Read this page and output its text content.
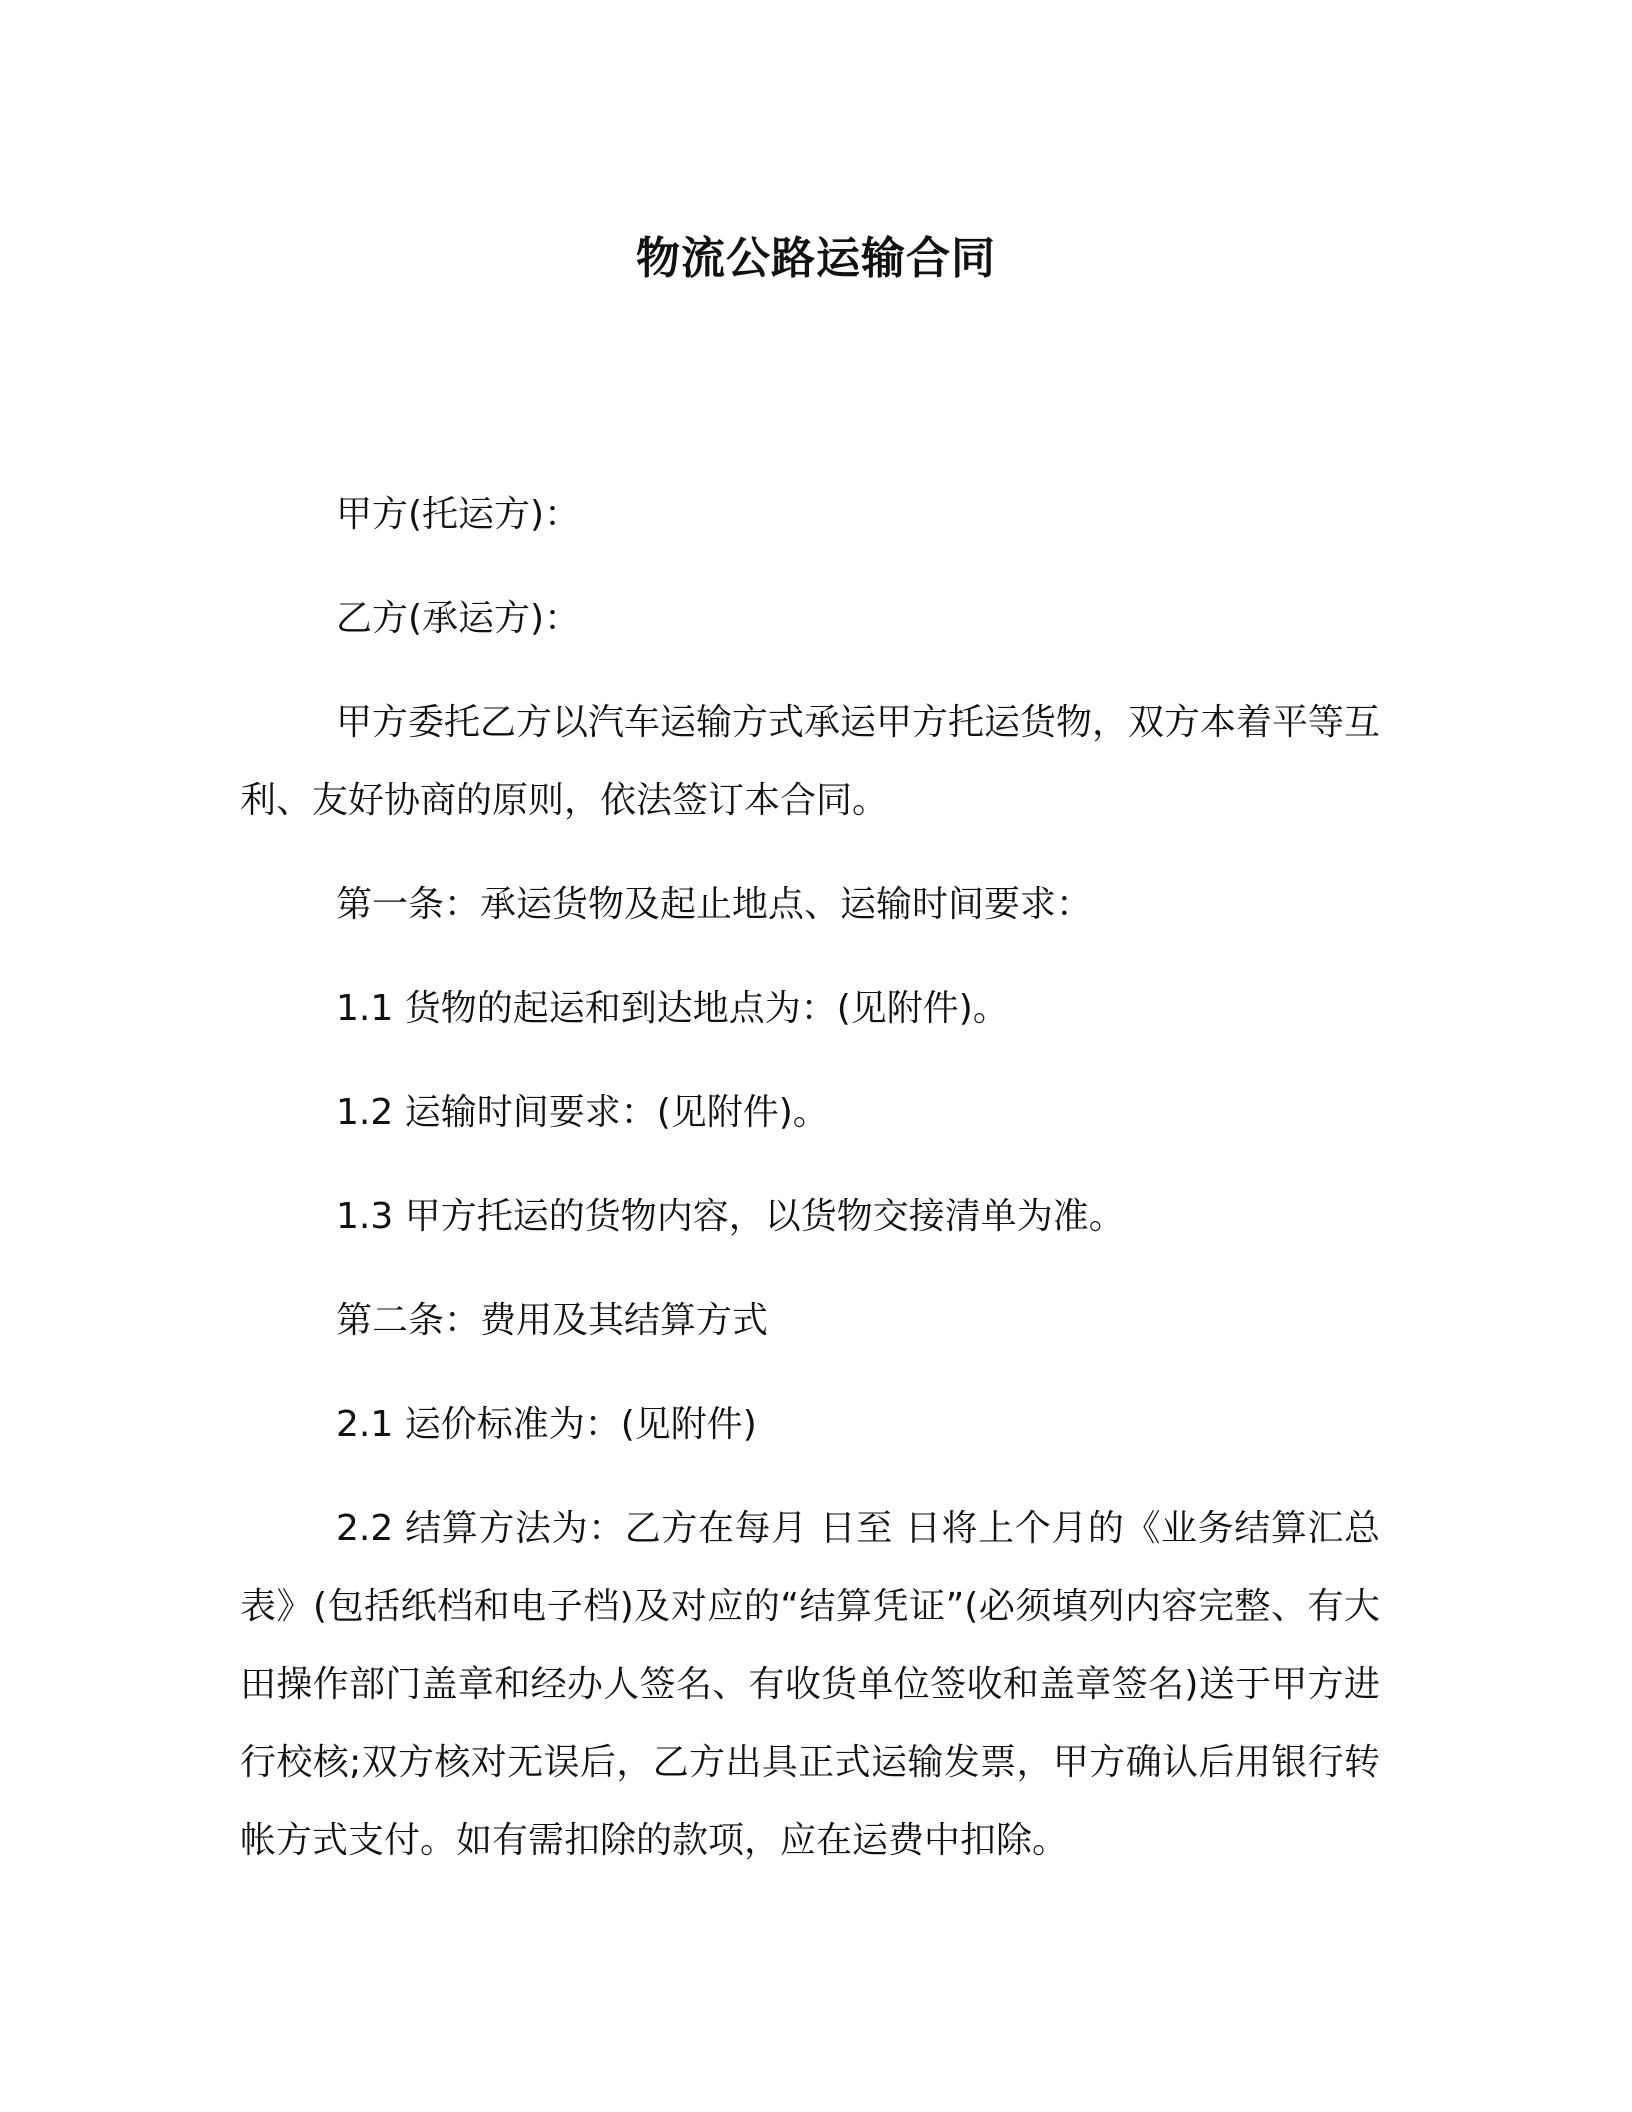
物流公路运输合同

甲方(托运方)：

乙方(承运方)：

甲方委托乙方以汽车运输方式承运甲方托运货物，双方本着平等互利、友好协商的原则，依法签订本合同。

第一条：承运货物及起止地点、运输时间要求：

1.1 货物的起运和到达地点为：(见附件)。

1.2 运输时间要求：(见附件)。

1.3 甲方托运的货物内容，以货物交接清单为准。

第二条：费用及其结算方式

2.1 运价标准为：(见附件)

2.2 结算方法为：乙方在每月 日至 日将上个月的《业务结算汇总表》(包括纸档和电子档)及对应的“结算凭证”(必须填列内容完整、有大田操作部门盖章和经办人签名、有收货单位签收和盖章签名)送于甲方进行校核;双方核对无误后，乙方出具正式运输发票，甲方确认后用银行转帐方式支付。如有需扣除的款项，应在运费中扣除。
